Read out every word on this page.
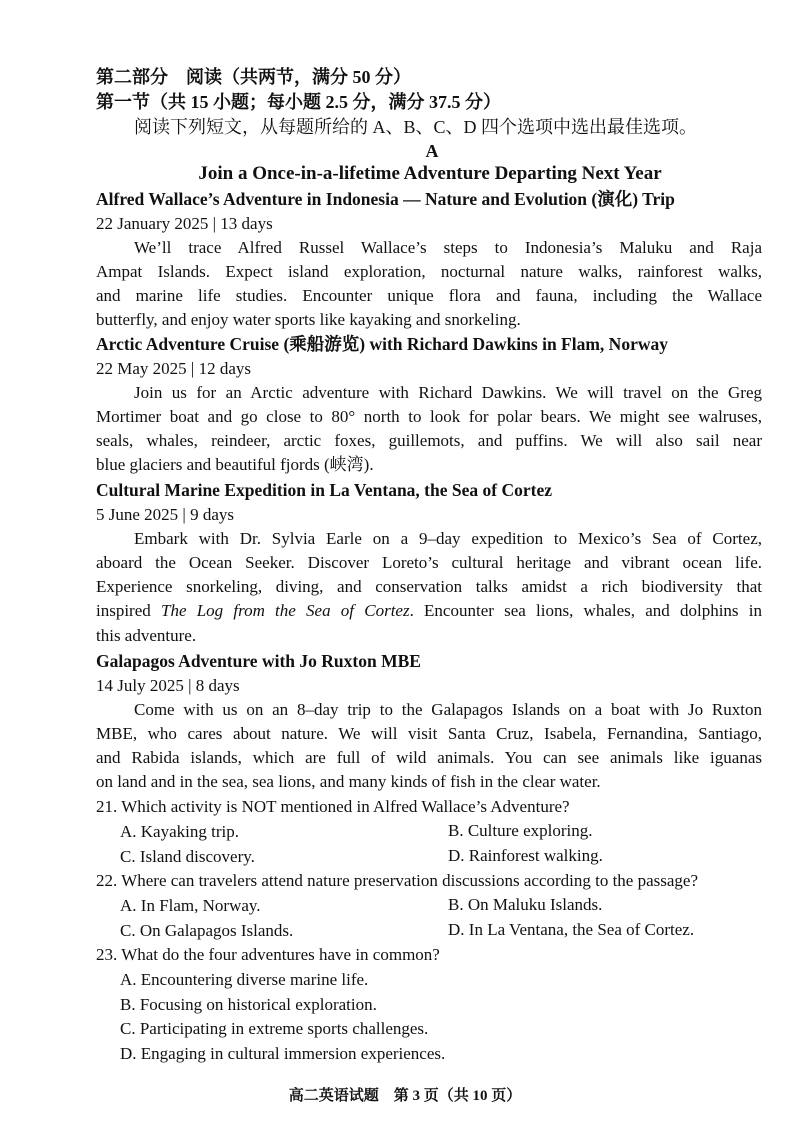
第二部分　阅读（共两节，满分 50 分）
第一节（共 15 小题；每小题 2.5 分，满分 37.5 分）
阅读下列短文，从每题所给的 A、B、C、D 四个选项中选出最佳选项。
A
Join a Once-in-a-lifetime Adventure Departing Next Year
Alfred Wallace’s Adventure in Indonesia — Nature and Evolution (演化) Trip
22 January 2025 | 13 days
We’ll trace Alfred Russel Wallace’s steps to Indonesia’s Maluku and Raja
Ampat Islands. Expect island exploration, nocturnal nature walks, rainforest walks,
and marine life studies. Encounter unique flora and fauna, including the Wallace
butterfly, and enjoy water sports like kayaking and snorkeling.
Arctic Adventure Cruise (乘船游览) with Richard Dawkins in Flam, Norway
22 May 2025 | 12 days
Join us for an Arctic adventure with Richard Dawkins. We will travel on the Greg
Mortimer boat and go close to 80° north to look for polar bears. We might see walruses,
seals, whales, reindeer, arctic foxes, guillemots, and puffins. We will also sail near
blue glaciers and beautiful fjords (峡湾).
Cultural Marine Expedition in La Ventana, the Sea of Cortez
5 June 2025 | 9 days
Embark with Dr. Sylvia Earle on a 9–day expedition to Mexico’s Sea of Cortez,
aboard the Ocean Seeker. Discover Loreto’s cultural heritage and vibrant ocean life.
Experience snorkeling, diving, and conservation talks amidst a rich biodiversity that
inspired The Log from the Sea of Cortez. Encounter sea lions, whales, and dolphins in
this adventure.
Galapagos Adventure with Jo Ruxton MBE
14 July 2025 | 8 days
Come with us on an 8–day trip to the Galapagos Islands on a boat with Jo Ruxton
MBE, who cares about nature. We will visit Santa Cruz, Isabela, Fernandina, Santiago,
and Rabida islands, which are full of wild animals. You can see animals like iguanas
on land and in the sea, sea lions, and many kinds of fish in the clear water.
21. Which activity is NOT mentioned in Alfred Wallace’s Adventure?
A. Kayaking trip.	B. Culture exploring.
C. Island discovery.	D. Rainforest walking.
22. Where can travelers attend nature preservation discussions according to the passage?
A. In Flam, Norway.	B. On Maluku Islands.
C. On Galapagos Islands.	D. In La Ventana, the Sea of Cortez.
23. What do the four adventures have in common?
A. Encountering diverse marine life.
B. Focusing on historical exploration.
C. Participating in extreme sports challenges.
D. Engaging in cultural immersion experiences.
高二英语试题　第 3 页（共 10 页）
